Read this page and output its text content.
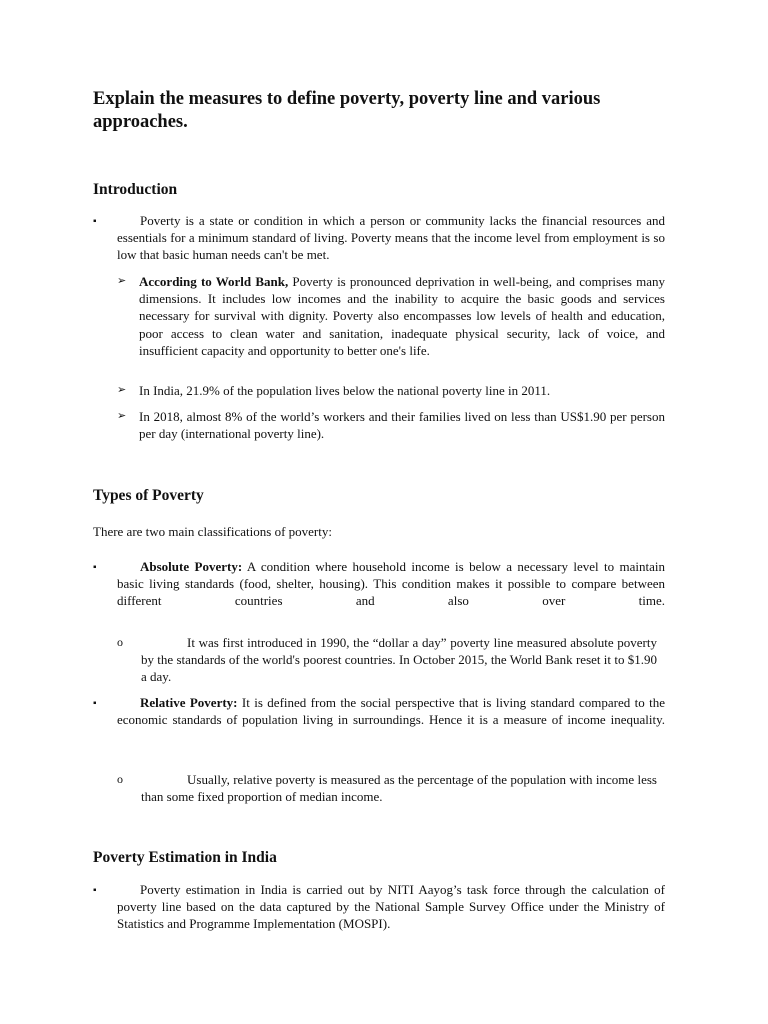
Explain the measures to define poverty, poverty line and various approaches.
Introduction
▪	Poverty is a state or condition in which a person or community lacks the financial resources and essentials for a minimum standard of living. Poverty means that the income level from employment is so low that basic human needs can't be met.
➢ According to World Bank, Poverty is pronounced deprivation in well-being, and comprises many dimensions. It includes low incomes and the inability to acquire the basic goods and services necessary for survival with dignity. Poverty also encompasses low levels of health and education, poor access to clean water and sanitation, inadequate physical security, lack of voice, and insufficient capacity and opportunity to better one's life.
➢ In India, 21.9% of the population lives below the national poverty line in 2011.
➢ In 2018, almost 8% of the world’s workers and their families lived on less than US$1.90 per person per day (international poverty line).
Types of Poverty

There are two main classifications of poverty:

▪	Absolute Poverty: A condition where household income is below a necessary level to maintain basic living standards (food, shelter, housing). This condition makes it possible to compare between different countries and also over time.
o	It was first introduced in 1990, the “dollar a day” poverty line measured absolute poverty by the standards of the world's poorest countries. In October 2015, the World Bank reset it to $1.90 a day.
▪	Relative Poverty: It is defined from the social perspective that is living standard compared to the economic standards of population living in surroundings. Hence it is a measure of income inequality.
o	Usually, relative poverty is measured as the percentage of the population with income less than some fixed proportion of median income.
Poverty Estimation in India
▪	Poverty estimation in India is carried out by NITI Aayog’s task force through the calculation of poverty line based on the data captured by the National Sample Survey Office under the Ministry of Statistics and Programme Implementation (MOSPI).
